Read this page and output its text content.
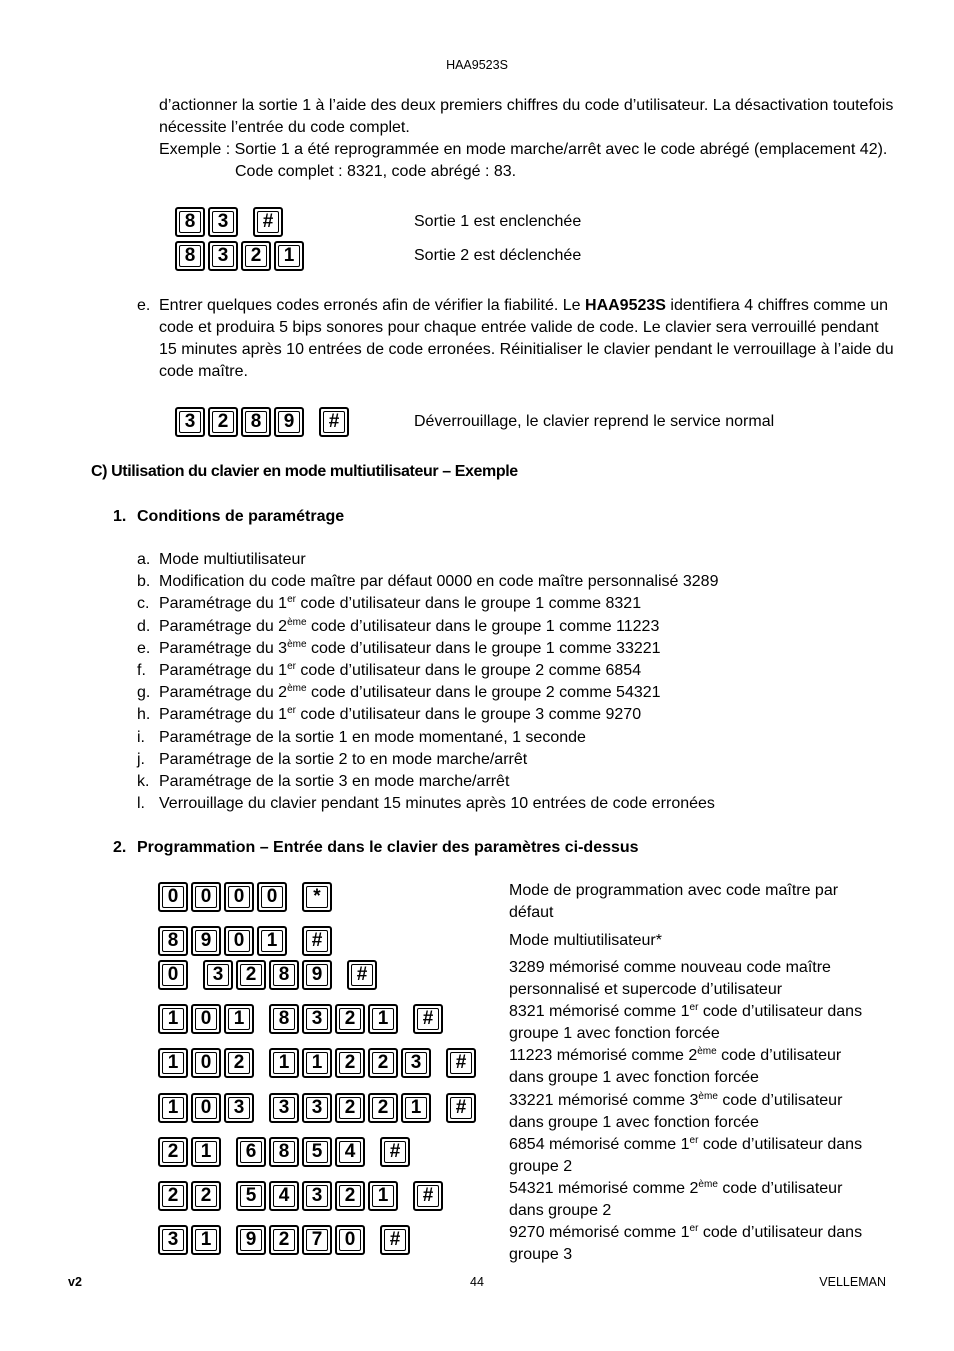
HAA9523S
d’actionner la sortie 1 à l’aide des deux premiers chiffres du code d’utilisateur. La désactivation toutefois
nécessite l’entrée du code complet.
Exemple : Sortie 1 a été reprogrammée en mode marche/arrêt avec le code abrégé (emplacement 42).
Code complet : 8321, code abrégé : 83.
8	3	#	Sortie 1 est enclenchée
8	3	2	1	Sortie 2 est déclenchée
e. Entrer quelques codes erronés afin de vérifier la fiabilité. Le HAA9523S identifiera 4 chiffres comme un
code et produira 5 bips sonores pour chaque entrée valide de code. Le clavier sera verrouillé pendant
15 minutes après 10 entrées de code erronées. Réinitialiser le clavier pendant le verrouillage à l’aide du
code maître.
3	2	8	9	#	Déverrouillage, le clavier reprend le service normal
C) Utilisation du clavier en mode multiutilisateur – Exemple
1. Conditions de paramétrage
a. Mode multiutilisateur
b. Modification du code maître par défaut 0000 en code maître personnalisé 3289
c. Paramétrage du 1er code d’utilisateur dans le groupe 1 comme 8321
d. Paramétrage du 2ème code d’utilisateur dans le groupe 1 comme 11223
e. Paramétrage du 3ème code d’utilisateur dans le groupe 1 comme 33221
f. Paramétrage du 1er code d’utilisateur dans le groupe 2 comme 6854
g. Paramétrage du 2ème code d’utilisateur dans le groupe 2 comme 54321
h. Paramétrage du 1er code d’utilisateur dans le groupe 3 comme 9270
i. Paramétrage de la sortie 1 en mode momentané, 1 seconde
j. Paramétrage de la sortie 2 to en mode marche/arrêt
k. Paramétrage de la sortie 3 en mode marche/arrêt
l. Verrouillage du clavier pendant 15 minutes après 10 entrées de code erronées
2. Programmation – Entrée dans le clavier des paramètres ci-dessus
0	0	0	0	*	Mode de programmation avec code maître par défaut
8	9	0	1	#	Mode multiutilisateur*
0	3	2	8	9	#	3289 mémorisé comme nouveau code maître personnalisé et supercode d’utilisateur
1	0	1	8	3	2	1	#	8321 mémorisé comme 1er code d’utilisateur dans groupe 1 avec fonction forcée
1	0	2	1	1	2	2	3	#	11223 mémorisé comme 2ème code d’utilisateur dans groupe 1 avec fonction forcée
1	0	3	3	3	2	2	1	#	33221 mémorisé comme 3ème code d’utilisateur dans groupe 1 avec fonction forcée
2	1	6	8	5	4	#	6854 mémorisé comme 1er code d’utilisateur dans groupe 2
2	2	5	4	3	2	1	#	54321 mémorisé comme 2ème code d’utilisateur dans groupe 2
3	1	9	2	7	0	#	9270 mémorisé comme 1er code d’utilisateur dans groupe 3
v2	44	VELLEMAN
